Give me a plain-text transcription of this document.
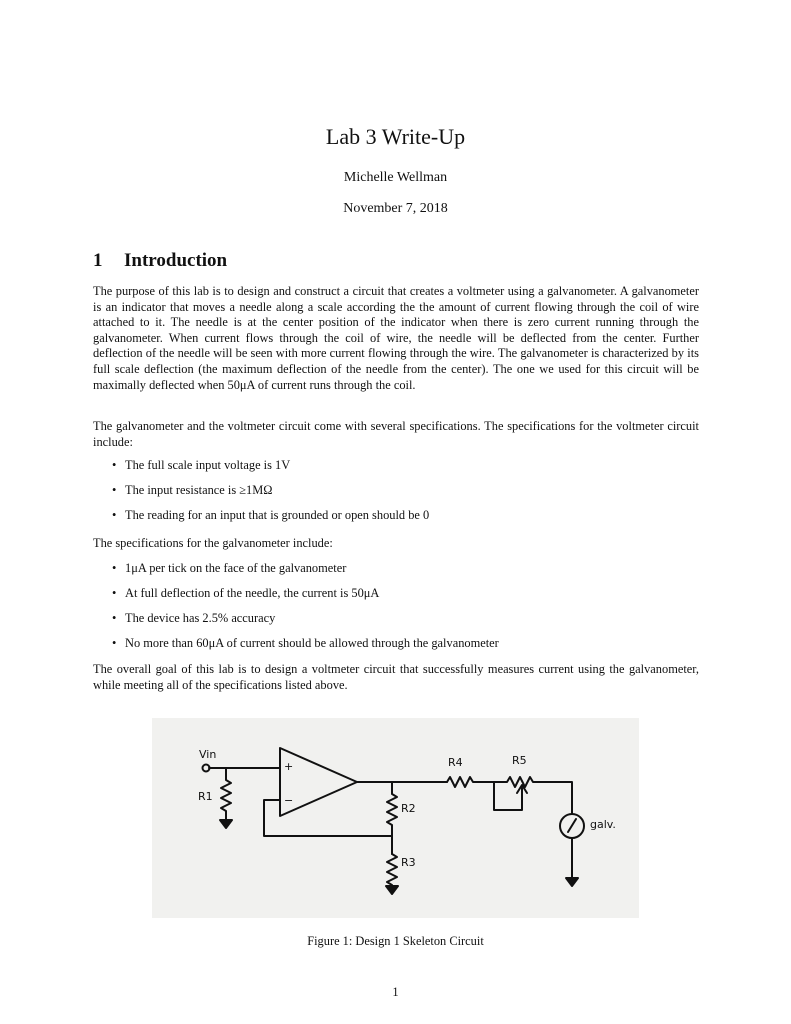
Lab 3 Write-Up
Michelle Wellman
November 7, 2018
1 Introduction
The purpose of this lab is to design and construct a circuit that creates a voltmeter using a galvanometer. A galvanometer is an indicator that moves a needle along a scale according the the amount of current flowing through the coil of wire attached to it. The needle is at the center position of the indicator when there is zero current running through the galvanometer. When current flows through the coil of wire, the needle will be deflected from the center. Further deflection of the needle will be seen with more current flowing through the wire. The galvanometer is characterized by its full scale deflection (the maximum deflection of the needle from the center). The one we used for this circuit will be maximally deflected when 50μA of current runs through the coil.
The galvanometer and the voltmeter circuit come with several specifications. The specifications for the voltmeter circuit include:
• The full scale input voltage is 1V
• The input resistance is ≥1MΩ
• The reading for an input that is grounded or open should be 0
The specifications for the galvanometer include:
• 1μA per tick on the face of the galvanometer
• At full deflection of the needle, the current is 50μA
• The device has 2.5% accuracy
• No more than 60μA of current should be allowed through the galvanometer
The overall goal of this lab is to design a voltmeter circuit that successfully measures current using the galvanometer, while meeting all of the specifications listed above.
Vin
R1
+
−
R2
R3
R4	R5
galv.
Figure 1: Design 1 Skeleton Circuit
1
